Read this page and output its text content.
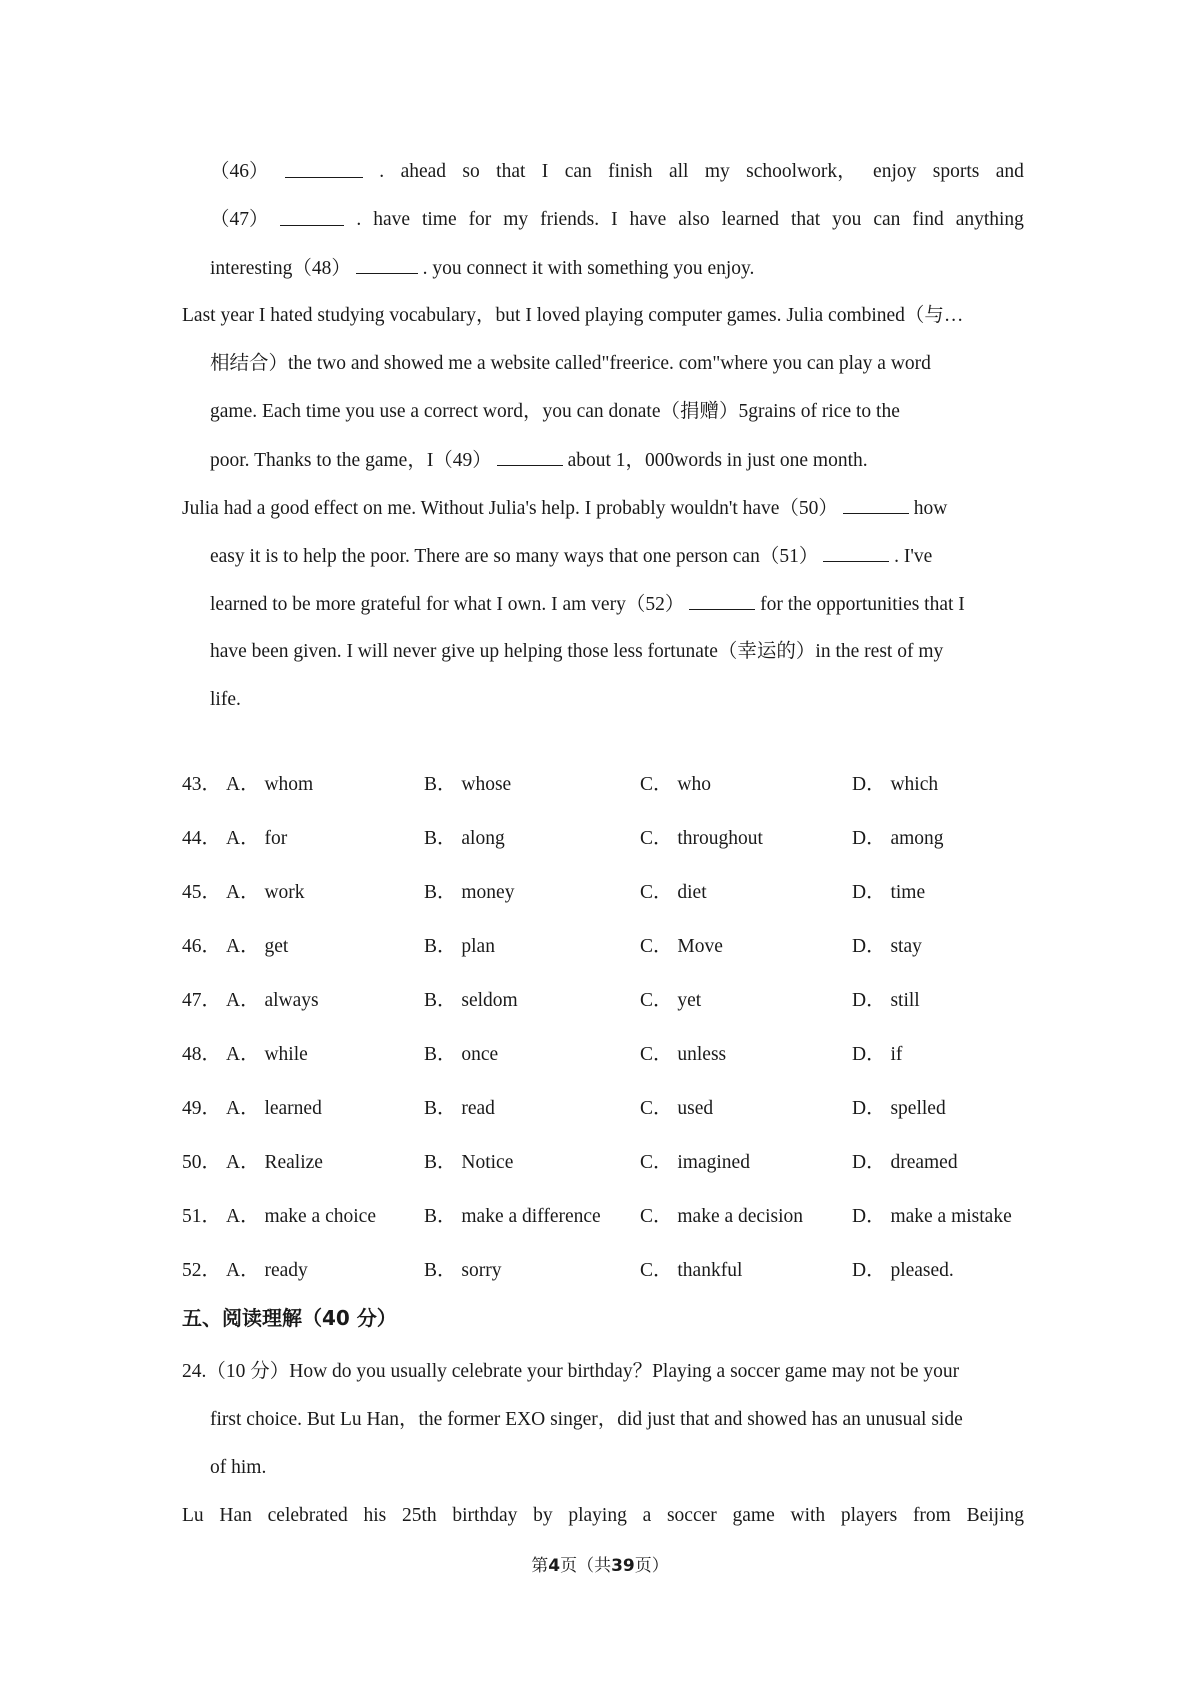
（46）	. ahead so that I can finish all my schoolwork， enjoy sports and
（47）	. have time for my friends. I have also learned that you can find anything
interesting（48）	. you connect it with something you enjoy.
Last year I hated studying vocabulary，but I loved playing computer games. Julia combined（与…
相结合）the two and showed me a website called"freerice. com"where you can play a word
game. Each time you use a correct word，you can donate（捐赠）5grains of rice to the
poor. Thanks to the game，I（49）	about 1，000words in just one month.
Julia had a good effect on me. Without Julia's help. I probably wouldn't have（50）	how
easy it is to help the poor. There are so many ways that one person can（51）	. I've
learned to be more grateful for what I own. I am very（52）	for the opportunities that I
have been given. I will never give up helping those less fortunate（幸运的）in the rest of my
life.
43． A． whom	B． whose	C． who	D． which
44． A． for	B． along	C． throughout	D． among
45． A． work	B． money	C． diet	D． time
46． A． get	B． plan	C． Move	D． stay
47． A． always	B． seldom	C． yet	D． still
48． A． while	B． once	C． unless	D． if
49． A． learned	B． read	C． used	D． spelled
50． A． Realize	B． Notice	C． imagined	D． dreamed
51． A． make a choice B． make a difference C． make a decision	D． make a mistake
52． A． ready	B． sorry	C． thankful	D． pleased.
五、阅读理解（40 分）
24.（10 分）How do you usually celebrate your birthday？Playing a soccer game may not be your
first choice. But Lu Han，the former EXO singer，did just that and showed has an unusual side
of him.
Lu Han celebrated his 25th birthday by playing a soccer game with players from Beijing
第4页（共39页）
